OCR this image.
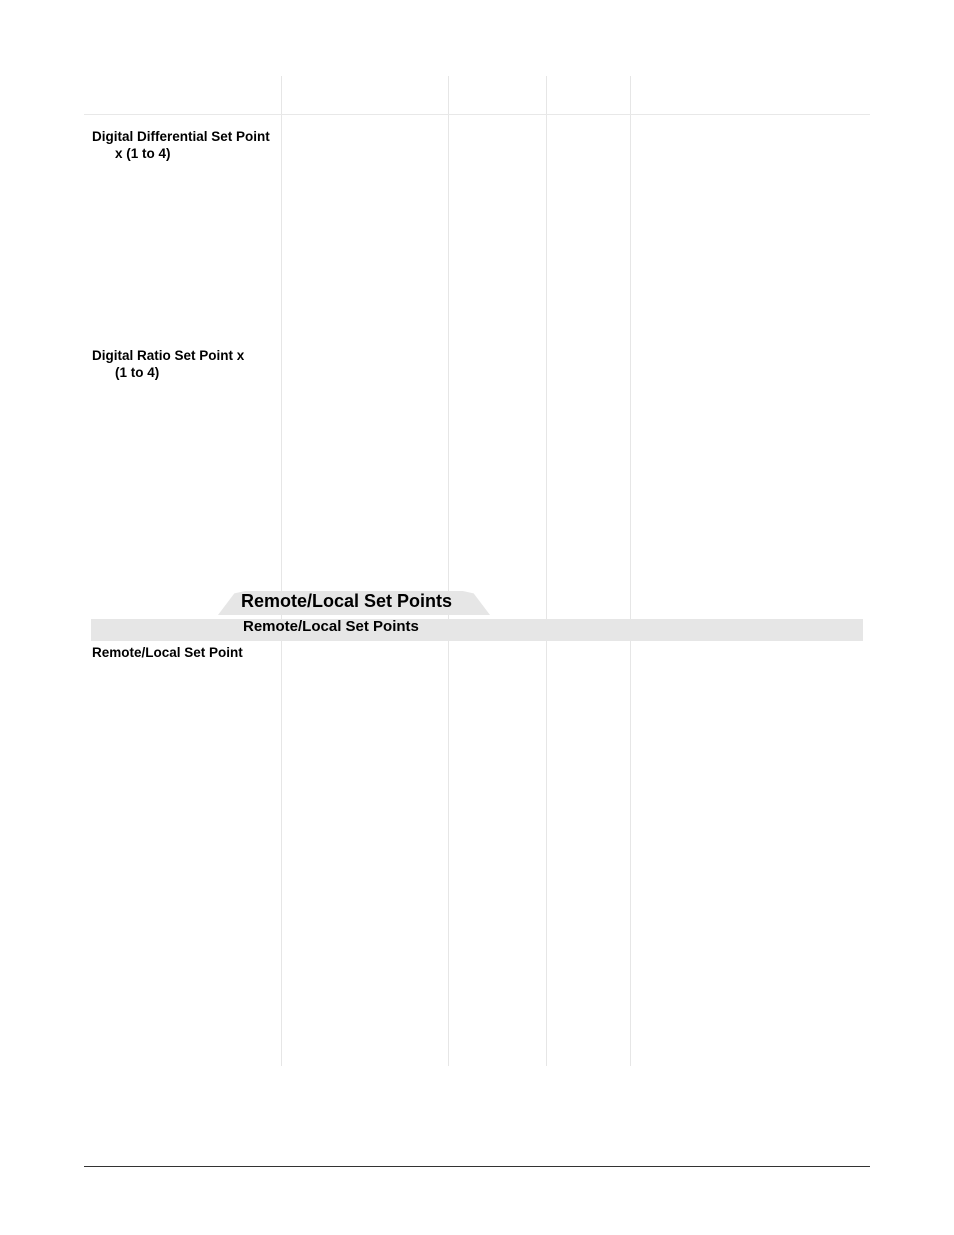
Digital Differential Set Point
x (1 to 4)
Digital Ratio Set Point x
(1 to 4)
Remote/Local Set Points
Remote/Local Set Points
Remote/Local Set Point
